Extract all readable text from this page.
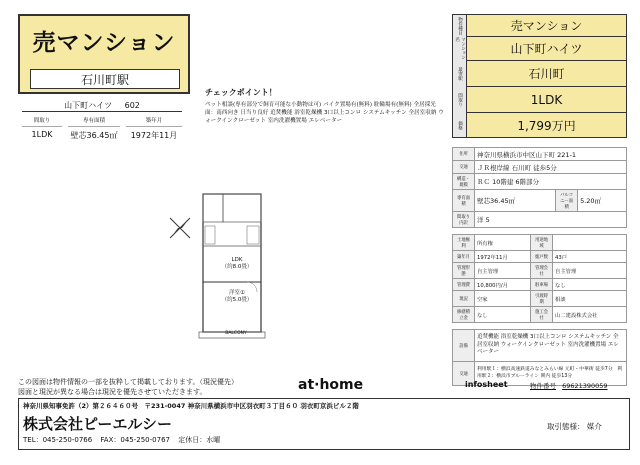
売マンション
石川町駅
山下町ハイツ 602
間取り
1LDK
専有面積
壁芯36.45㎡
築年月
1972年11月
チェックポイント！
ペット相談(専有部分で飼育可能な小動物は可) バイク置場有(無料) 駐輪場有(無料) 全居採光面：南西向き 日当り良好 追焚機能 浴室乾燥機 3口以上コンロ システムキッチン 全居室収納 ウォークインクローゼット 室内洗濯機置場 エレベーター
LDK
（約8.0畳）
洋室①
（約5.0畳）
BALCONY
物件種目	売マンション
マンション名
山下町ハイツ
最寄駅	石川町
間取り	1LDK
価格	1,799万円
住所	神奈川県横浜市中区山下町 221-1		
交通	ＪＲ根岸線 石川町 徒歩5分		
構造・規模	ＲＣ 10階建 6階部分		
専有面積	壁芯36.45㎡	バルコニー面積	5.20㎡
間取り内訳	洋 5		
土地権利	所有権	用途地域	
築年月	1972年11月	総戸数	43戸
管理形態	自主管理	管理会社	自主管理
管理費	10,800円/月	駐車場	なし
現況	空家	引渡時期	相談
修繕積立金	なし	施工会社	山二建設株式会社
設備	追焚機能 浴室乾燥機 3口以上コンロ システムキッチン 全居室収納 ウォークインクローゼット 室内洗濯機置場 エレベーター
交通	利用駅１：横浜高速鉄道みなとみらい線 元町・中華街 徒歩7分　利用駅２：横浜市ブルーライン 関内 徒歩13分
この図面は物件情報の一部を抜粋して掲載しております。（現況優先）
図面と現況が異なる場合は現況を優先させていただきます。	at·home	infosheet	物件番号 69621390059
神奈川県知事免許（2）第２６４６０号　〒231-0047 神奈川県横浜市中区羽衣町３丁目６０ 羽衣町京浜ビル２階
株式会社ピーエルシー
TEL：045-250-0766 FAX：045-250-0767 定休日：水曜
取引態様： 媒介
